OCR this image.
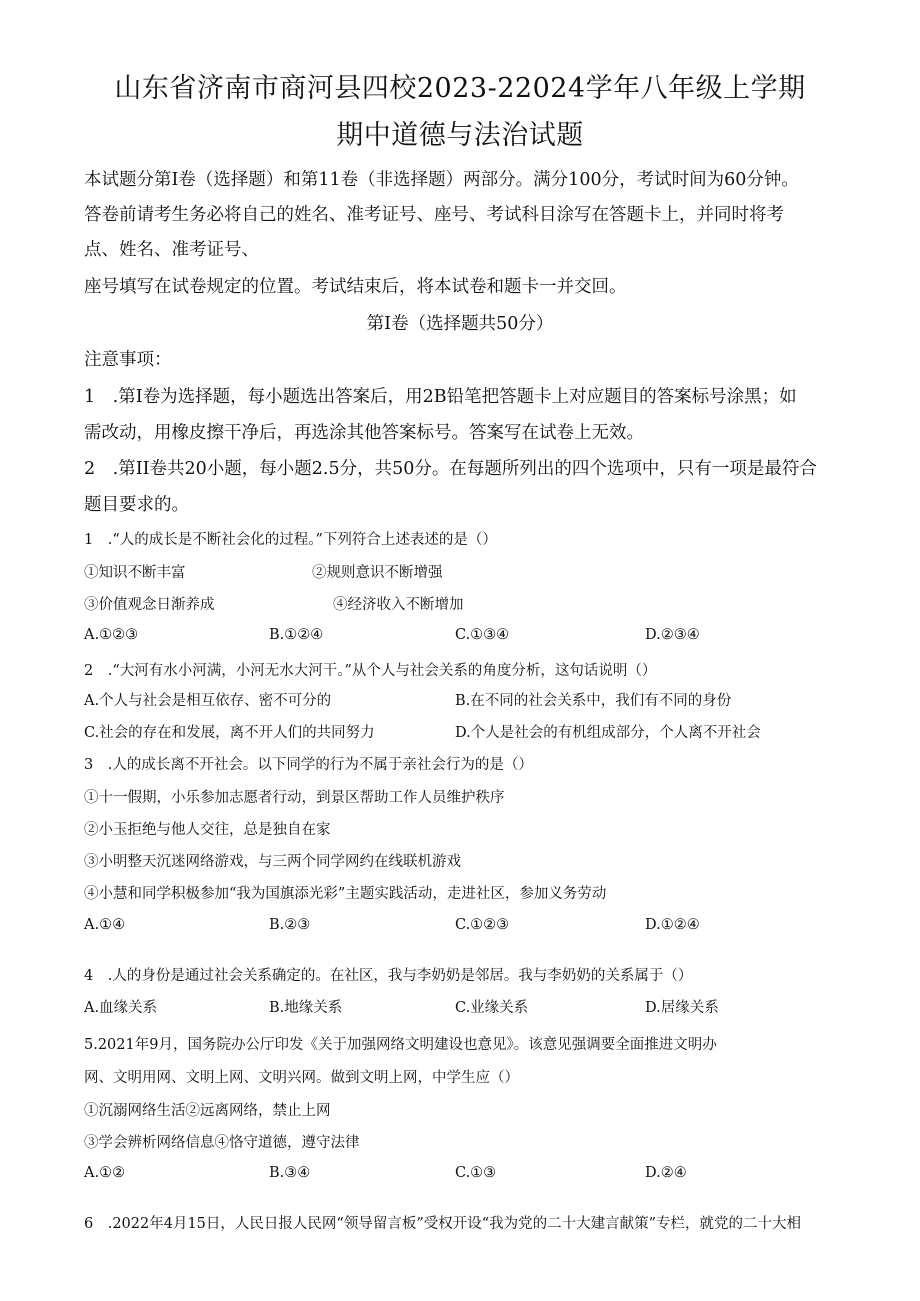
山东省济南市商河县四校2023-22024学年八年级上学期
期中道德与法治试题
本试题分第I卷（选择题）和第11卷（非选择题）两部分。满分100分，考试时间为60分钟。
答卷前请考生务必将自己的姓名、准考证号、座号、考试科目涂写在答题卡上，并同时将考
点、姓名、准考证号、
座号填写在试卷规定的位置。考试结束后，将本试卷和题卡一并交回。
第I卷（选择题共50分）
注意事项：
1　.第I卷为选择题，每小题选出答案后，用2B铅笔把答题卡上对应题目的答案标号涂黑；如
需改动，用橡皮擦干净后，再选涂其他答案标号。答案写在试卷上无效。
2　.第II卷共20小题，每小题2.5分，共50分。在每题所列出的四个选项中，只有一项是最符合
题目要求的。
1　.“人的成长是不断社会化的过程。”下列符合上述表述的是（）
①知识不断丰富	②规则意识不断增强
③价值观念日渐养成	④经济收入不断增加
A.①②③	B.①②④	C.①③④	D.②③④
2　.“大河有水小河满，小河无水大河干。”从个人与社会关系的角度分析，这句话说明（）
A.个人与社会是相互依存、密不可分的	B.在不同的社会关系中，我们有不同的身份
C.社会的存在和发展，离不开人们的共同努力	D.个人是社会的有机组成部分，个人离不开社会
3　.人的成长离不开社会。以下同学的行为不属于亲社会行为的是（）
①十一假期，小乐参加志愿者行动，到景区帮助工作人员维护秩序
②小玉拒绝与他人交往，总是独自在家
③小明整天沉迷网络游戏，与三两个同学网约在线联机游戏
④小慧和同学积极参加“我为国旗添光彩”主题实践活动，走进社区，参加义务劳动
A.①④	B.②③	C.①②③	D.①②④
4　.人的身份是通过社会关系确定的。在社区，我与李奶奶是邻居。我与李奶奶的关系属于（）
A.血缘关系	B.地缘关系	C.业缘关系	D.居缘关系
5.2021年9月，国务院办公厅印发《关于加强网络文明建设也意见》。该意见强调要全面推进文明办
网、文明用网、文明上网、文明兴网。做到文明上网，中学生应（）
①沉溺网络生活②远离网络，禁止上网
③学会辨析网络信息④恪守道德，遵守法律
A.①②	B.③④	C.①③	D.②④
6　.2022年4月15日，人民日报人民网“领导留言板”受权开设“我为党的二十大建言献策”专栏，就党的二十大相
